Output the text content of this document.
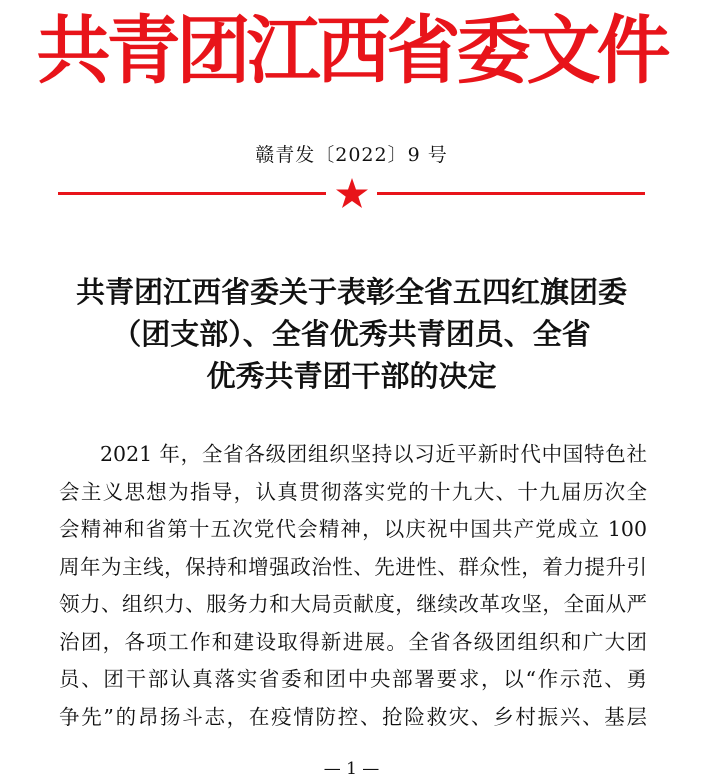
共青团江西省委文件
赣青发〔2022〕9 号
共青团江西省委关于表彰全省五四红旗团委
（团支部）、全省优秀共青团员、全省
优秀共青团干部的决定
2021 年，全省各级团组织坚持以习近平新时代中国特色社
会主义思想为指导，认真贯彻落实党的十九大、十九届历次全
会精神和省第十五次党代会精神，以庆祝中国共产党成立 100
周年为主线，保持和增强政治性、先进性、群众性，着力提升引
领力、组织力、服务力和大局贡献度，继续改革攻坚，全面从严
治团，各项工作和建设取得新进展。全省各级团组织和广大团
员、团干部认真落实省委和团中央部署要求，以“作示范、勇
争先”的昂扬斗志，在疫情防控、抢险救灾、乡村振兴、基层
— 1 —
